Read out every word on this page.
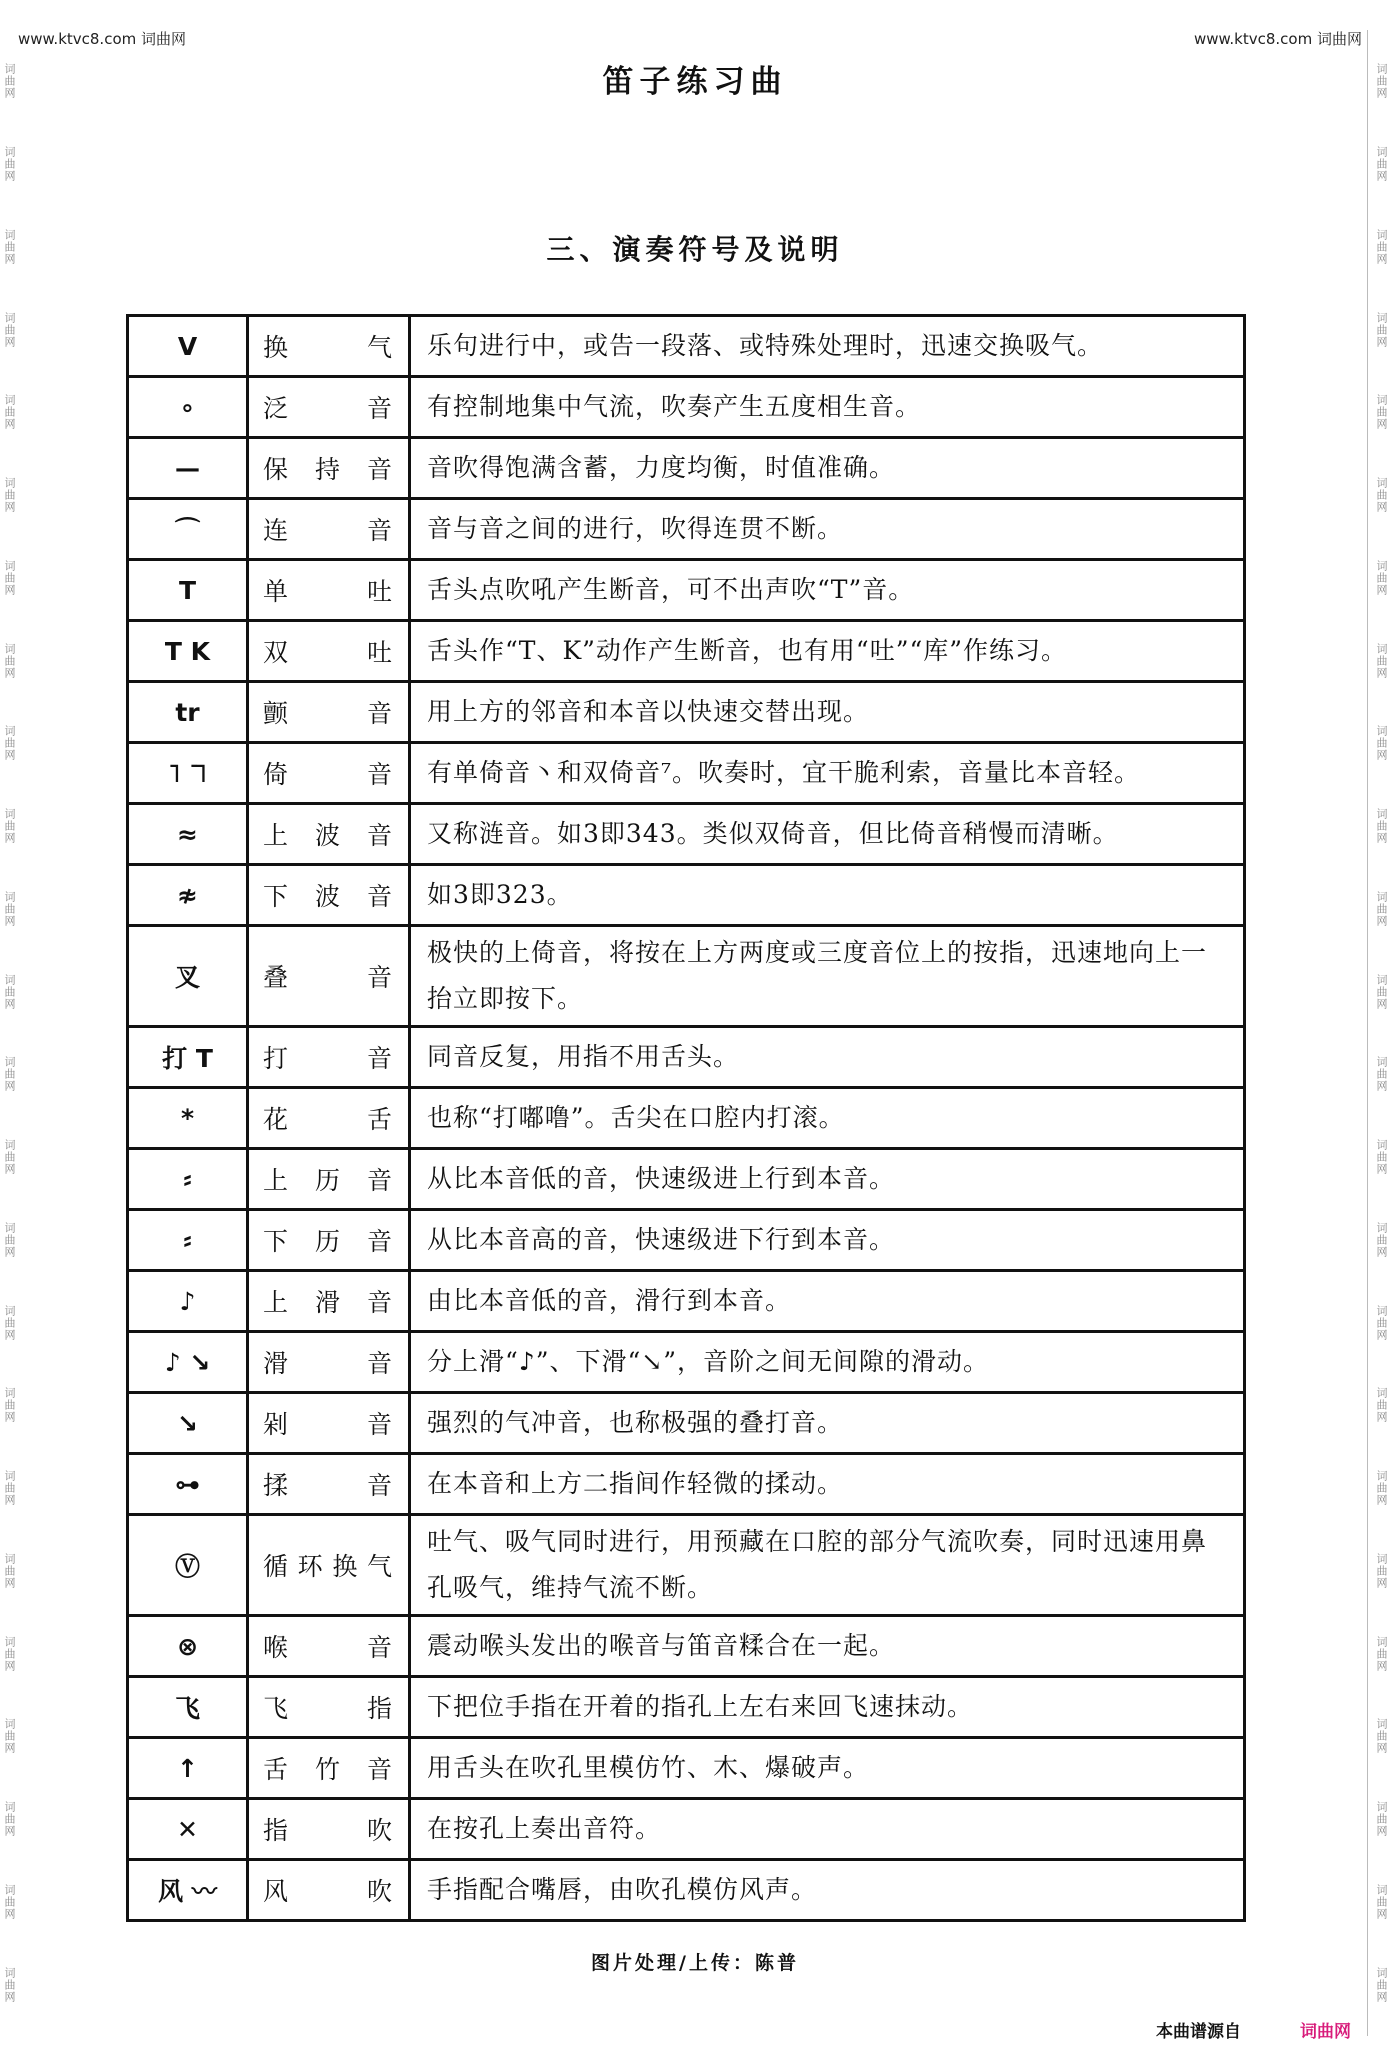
www.ktvc8.com 词曲网	www.ktvc8.com 词曲网
词曲网
词曲网
词曲网
词曲网
词曲网
词曲网
词曲网
词曲网
词曲网
词曲网
词曲网
词曲网
词曲网
词曲网
词曲网
词曲网
词曲网
词曲网
词曲网
词曲网
词曲网
词曲网
词曲网
词曲网
词曲网
词曲网
词曲网
词曲网
词曲网
词曲网
词曲网
词曲网
词曲网
词曲网
词曲网
词曲网
词曲网
词曲网
词曲网
词曲网
词曲网
词曲网
词曲网
词曲网
词曲网
词曲网
词曲网
词曲网
笛子练习曲
三、演奏符号及说明
V	换 气	乐句进行中，或告一段落、或特殊处理时，迅速交换吸气。
∘	泛 音	有控制地集中气流，吹奏产生五度相生音。
—	保 持 音	音吹得饱满含蓄，力度均衡，时值准确。
⌒	连 音	音与音之间的进行，吹得连贯不断。
T	单 吐	舌头点吹吼产生断音，可不出声吹“T”音。
T K	双 吐	舌头作“T、K”动作产生断音，也有用“吐”“库”作练习。
tr	颤 音	用上方的邻音和本音以快速交替出现。
˥ ˥˥	倚 音	有单倚音丶和双倚音⁷。吹奏时，宜干脆利索，音量比本音轻。
≈	上 波 音	又称涟音。如3即343。类似双倚音，但比倚音稍慢而清晰。
≉	下 波 音	如3即323。
叉	叠 音	极快的上倚音，将按在上方两度或三度音位上的按指，迅速地向上一抬立即按下。
打 T	打 音	同音反复，用指不用舌头。
*	花 舌	也称“打嘟噜”。舌尖在口腔内打滚。
⸗	上 历 音	从比本音低的音，快速级进上行到本音。
⸗	下 历 音	从比本音高的音，快速级进下行到本音。
♪	上 滑 音	由比本音低的音，滑行到本音。
♪ ↘	滑 音	分上滑“♪”、下滑“↘”，音阶之间无间隙的滑动。
↘	剁 音	强烈的气冲音，也称极强的叠打音。
⊶	揉 音	在本音和上方二指间作轻微的揉动。
Ⓥ	循 环 换 气	吐气、吸气同时进行，用预藏在口腔的部分气流吹奏，同时迅速用鼻孔吸气，维持气流不断。
⊗	喉 音	震动喉头发出的喉音与笛音糅合在一起。
飞	飞 指	下把位手指在开着的指孔上左右来回飞速抹动。
↑	舌 竹 音	用舌头在吹孔里模仿竹、木、爆破声。
✕	指 吹	在按孔上奏出音符。
风 〰	风 吹	手指配合嘴唇，由吹孔模仿风声。
图片处理/上传：陈普
本曲谱源自	词曲网
